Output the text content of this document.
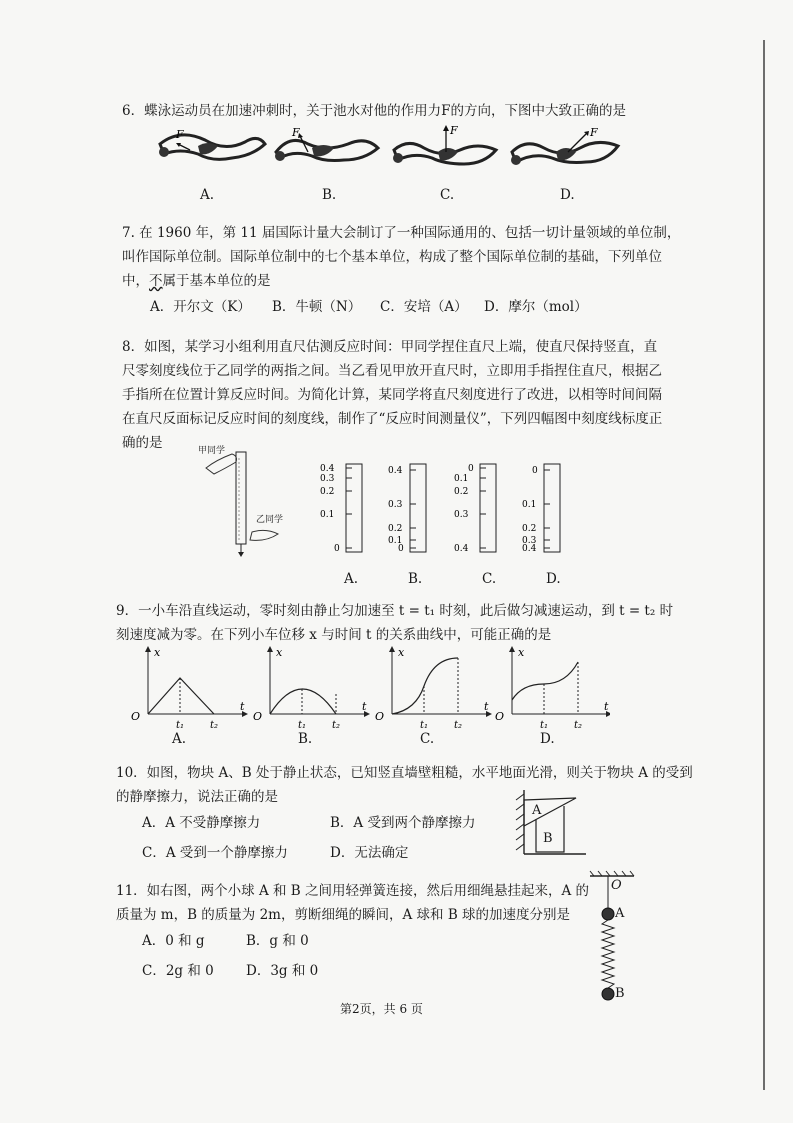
6．蝶泳运动员在加速冲刺时，关于池水对他的作用力F的方向，下图中大致正确的是
F	F	F	F
A.	B.	C.	D.
7. 在 1960 年，第 11 届国际计量大会制订了一种国际通用的、包括一切计量领域的单位制，
叫作国际单位制。国际单位制中的七个基本单位，构成了整个国际单位制的基础，下列单位
中，不属于基本单位的是
A．开尔文（K） B．牛顿（N） C．安培（A） D．摩尔（mol）
8．如图，某学习小组利用直尺估测反应时间：甲同学捏住直尺上端，使直尺保持竖直，直
尺零刻度线位于乙同学的两指之间。当乙看见甲放开直尺时，立即用手指捏住直尺，根据乙
手指所在位置计算反应时间。为简化计算，某同学将直尺刻度进行了改进，以相等时间间隔
在直尺反面标记反应时间的刻度线，制作了“反应时间测量仪”，下列四幅图中刻度线标度正
确的是	甲同学
乙同学
0.4
0.3
0.2
0.1
0
0.4
0.3
0.2
0.1
0
0
0.1
0.2
0.3
0.4
0
0.1
0.2
0.3
0.4
A.	B.	C.	D.
9．一小车沿直线运动，零时刻由静止匀加速至 t = t₁ 时刻，此后做匀减速运动，到 t = t₂ 时
刻速度减为零。在下列小车位移 x 与时间 t 的关系曲线中，可能正确的是
x
O
t₁	t₂
t
x
O
t₁	t₂
t
x
O
t₁	t₂
t
x
O
t₁	t₂
t
A.	B.	C.	D.
10．如图，物块 A、B 处于静止状态，已知竖直墙壁粗糙，水平地面光滑，则关于物块 A 的受到
的静摩擦力，说法正确的是
A．A 不受静摩擦力	B．A 受到两个静摩擦力
C．A 受到一个静摩擦力	D．无法确定
A
B
11．如右图，两个小球 A 和 B 之间用轻弹簧连接，然后用细绳悬挂起来，A 的
质量为 m，B 的质量为 2m，剪断细绳的瞬间，A 球和 B 球的加速度分别是
A．0 和 g	B．g 和 0
C．2g 和 0 D．3g 和 0
O
A
B
第2页，共 6 页
